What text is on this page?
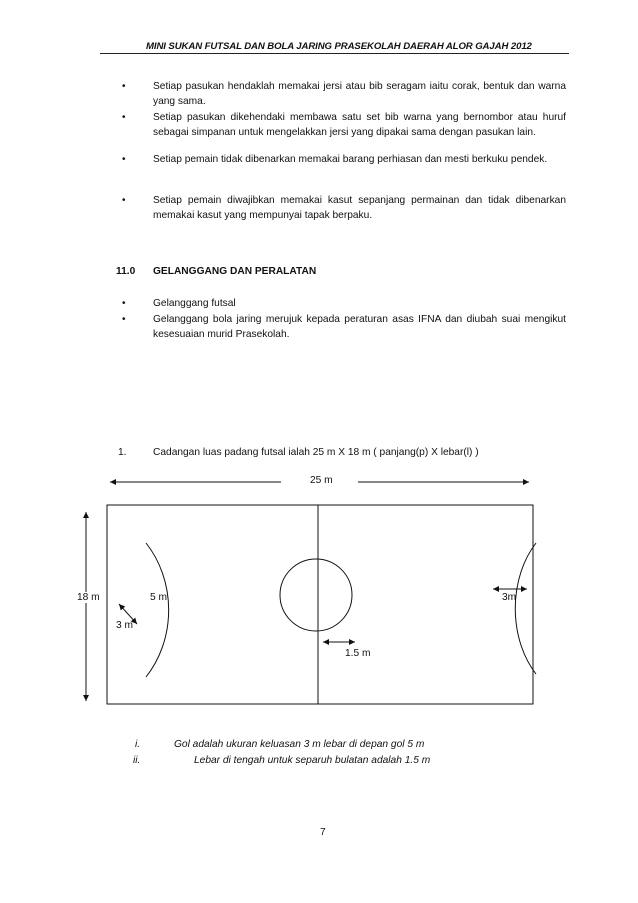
MINI SUKAN FUTSAL DAN BOLA JARING PRASEKOLAH DAERAH ALOR GAJAH 2012
•	Setiap pasukan hendaklah memakai jersi atau bib seragam iaitu corak, bentuk dan warna yang sama.
•	Setiap pasukan dikehendaki membawa satu set bib warna yang bernombor atau huruf sebagai simpanan untuk mengelakkan jersi yang dipakai sama dengan pasukan lain.
•	Setiap pemain tidak dibenarkan memakai barang perhiasan dan mesti berkuku pendek.
•	Setiap pemain diwajibkan memakai kasut sepanjang permainan dan tidak dibenarkan memakai kasut yang mempunyai tapak berpaku.
11.0 GELANGGANG DAN PERALATAN
•	Gelanggang futsal
•	Gelanggang bola jaring merujuk kepada peraturan asas IFNA dan diubah suai mengikut kesesuaian murid Prasekolah.
1.	Cadangan luas padang futsal ialah 25 m X 18 m ( panjang(p) X lebar(l) )
25 m
18 m	5 m
3 m
3m
1.5 m
i.	Gol adalah ukuran keluasan 3 m lebar di depan gol 5 m
ii.	Lebar di tengah untuk separuh bulatan adalah 1.5 m
7
